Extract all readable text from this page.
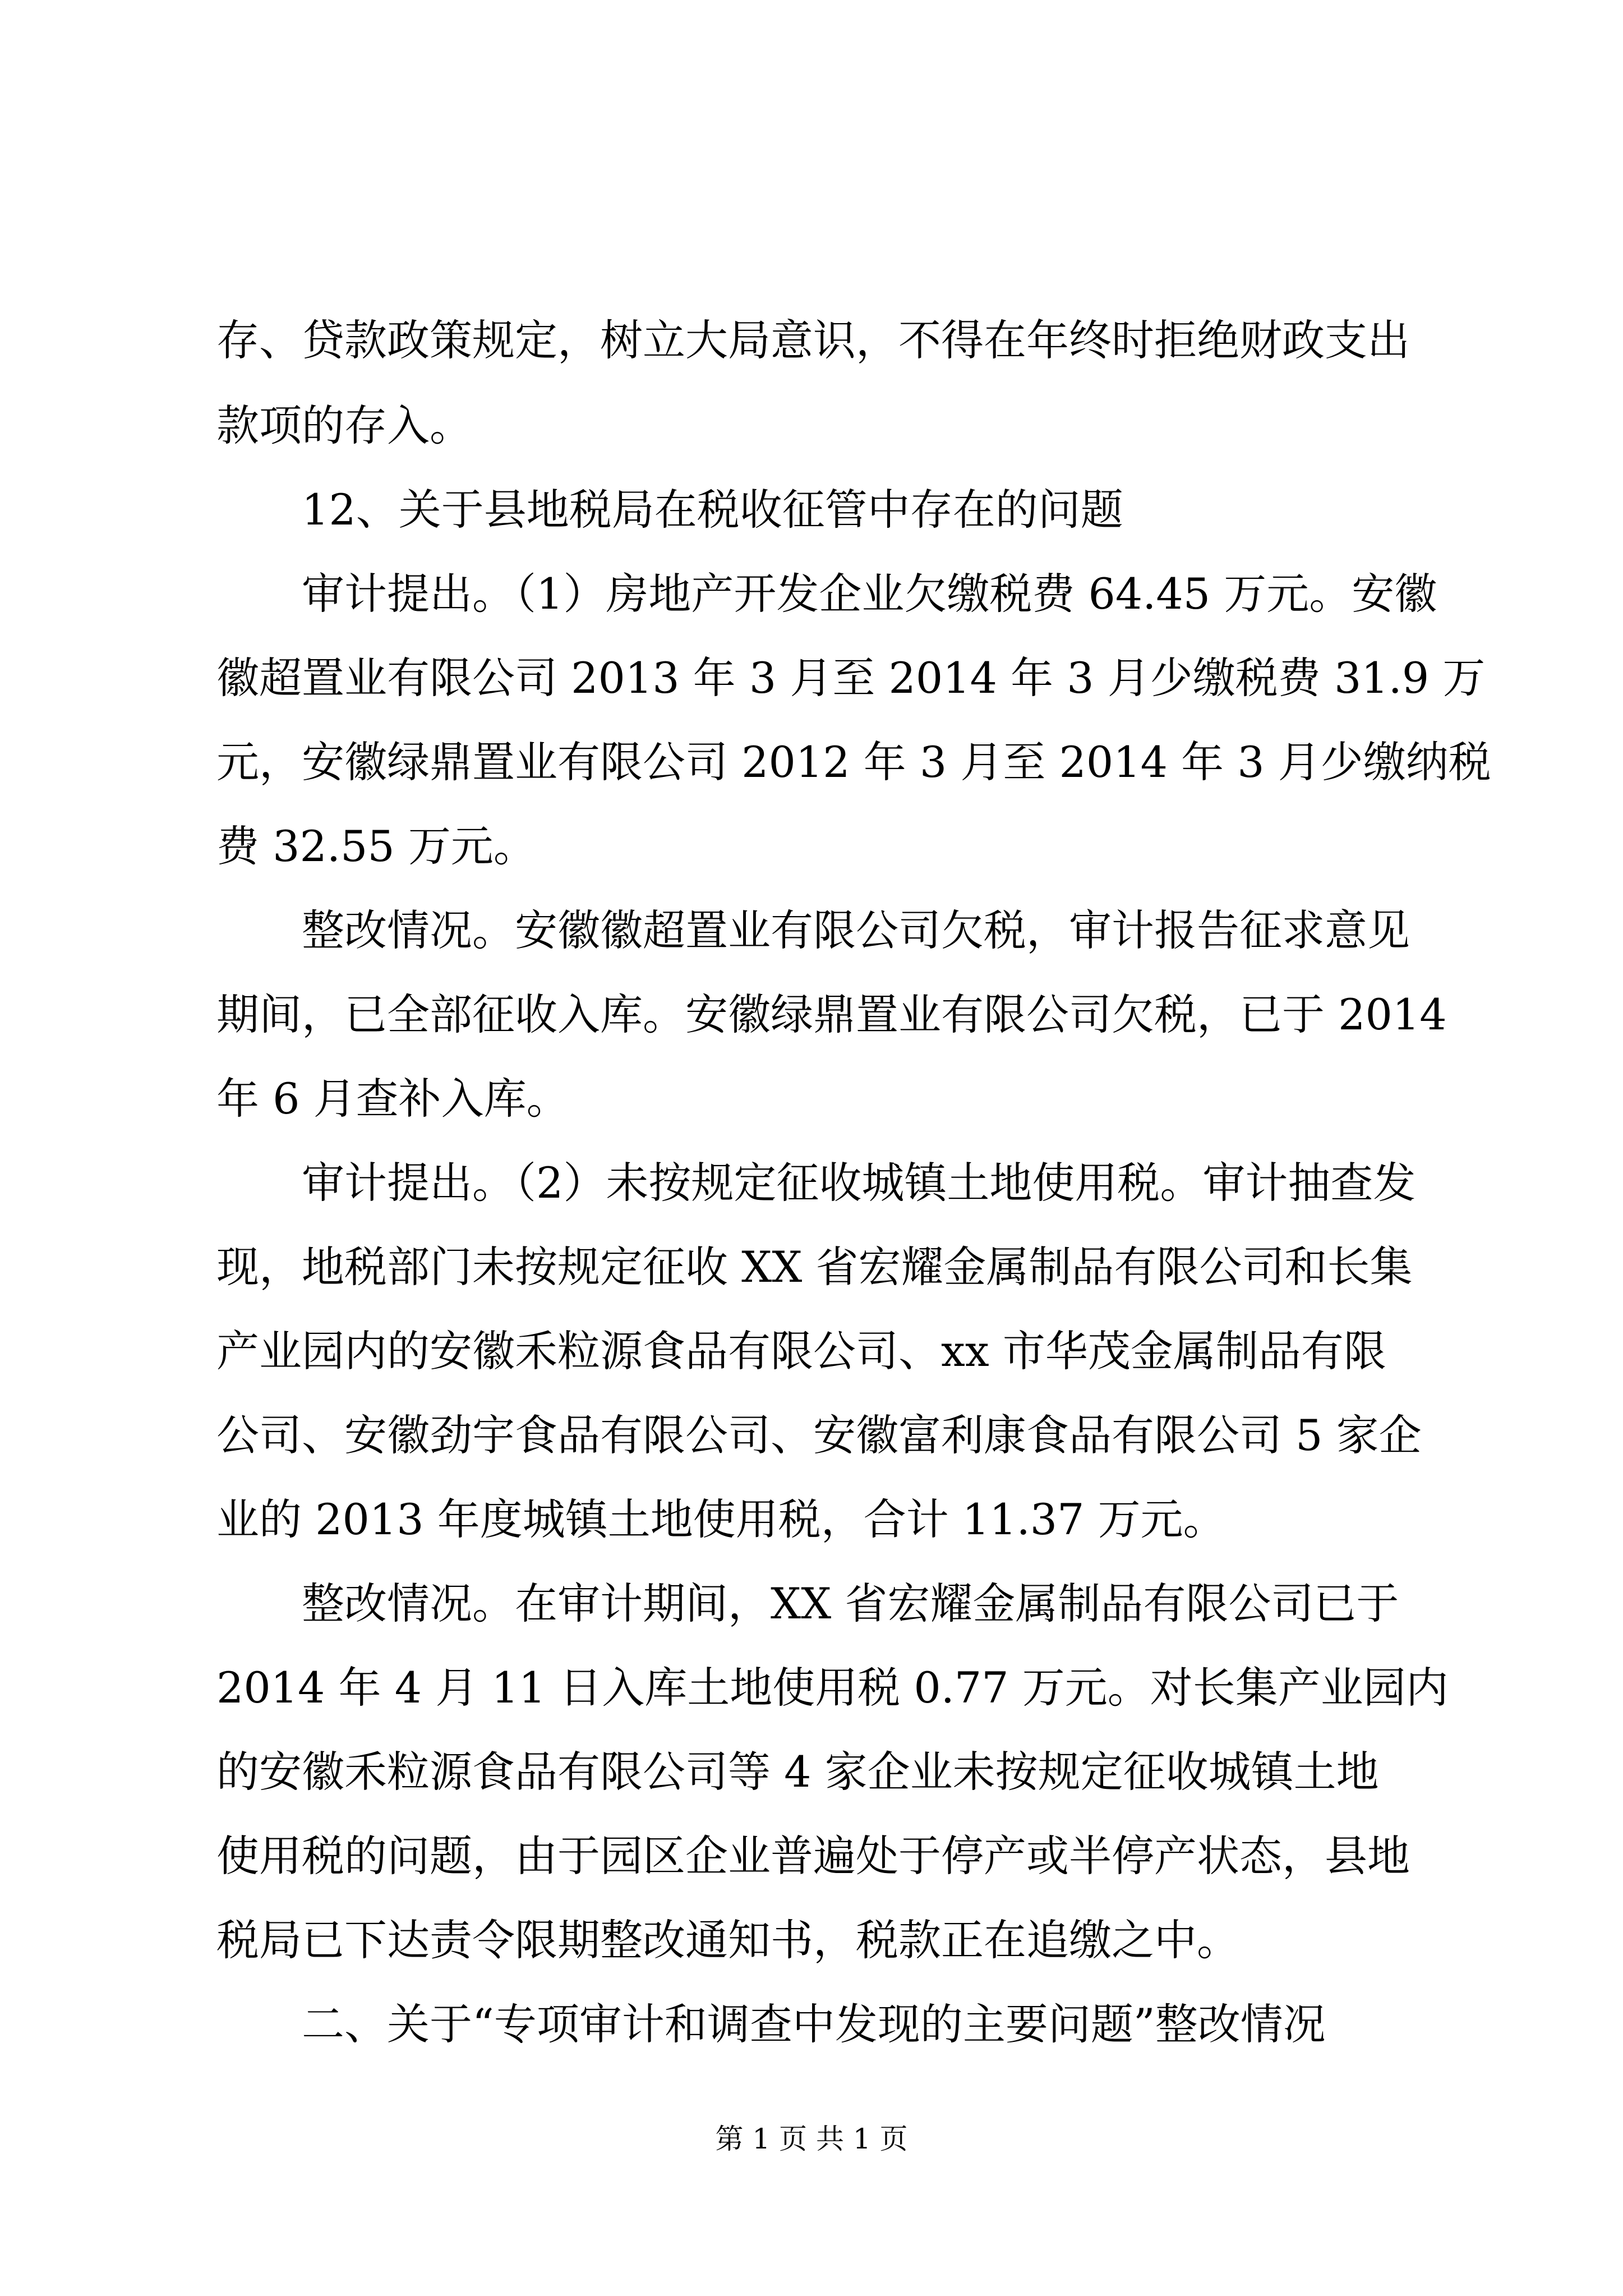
存、贷款政策规定，树立大局意识，不得在年终时拒绝财政支出
款项的存入。
　　12、关于县地税局在税收征管中存在的问题
　　审计提出。（1）房地产开发企业欠缴税费 64.45 万元。安徽
徽超置业有限公司 2013 年 3 月至 2014 年 3 月少缴税费 31.9 万
元，安徽绿鼎置业有限公司 2012 年 3 月至 2014 年 3 月少缴纳税
费 32.55 万元。
　　整改情况。安徽徽超置业有限公司欠税，审计报告征求意见
期间，已全部征收入库。安徽绿鼎置业有限公司欠税，已于 2014
年 6 月查补入库。
　　审计提出。（2）未按规定征收城镇土地使用税。审计抽查发
现，地税部门未按规定征收 XX 省宏耀金属制品有限公司和长集
产业园内的安徽禾粒源食品有限公司、xx 市华茂金属制品有限
公司、安徽劲宇食品有限公司、安徽富利康食品有限公司 5 家企
业的 2013 年度城镇土地使用税，合计 11.37 万元。
　　整改情况。在审计期间，XX 省宏耀金属制品有限公司已于
2014 年 4 月 11 日入库土地使用税 0.77 万元。对长集产业园内
的安徽禾粒源食品有限公司等 4 家企业未按规定征收城镇土地
使用税的问题，由于园区企业普遍处于停产或半停产状态，县地
税局已下达责令限期整改通知书，税款正在追缴之中。
　　二、关于“专项审计和调查中发现的主要问题”整改情况
第 1 页 共 1 页
